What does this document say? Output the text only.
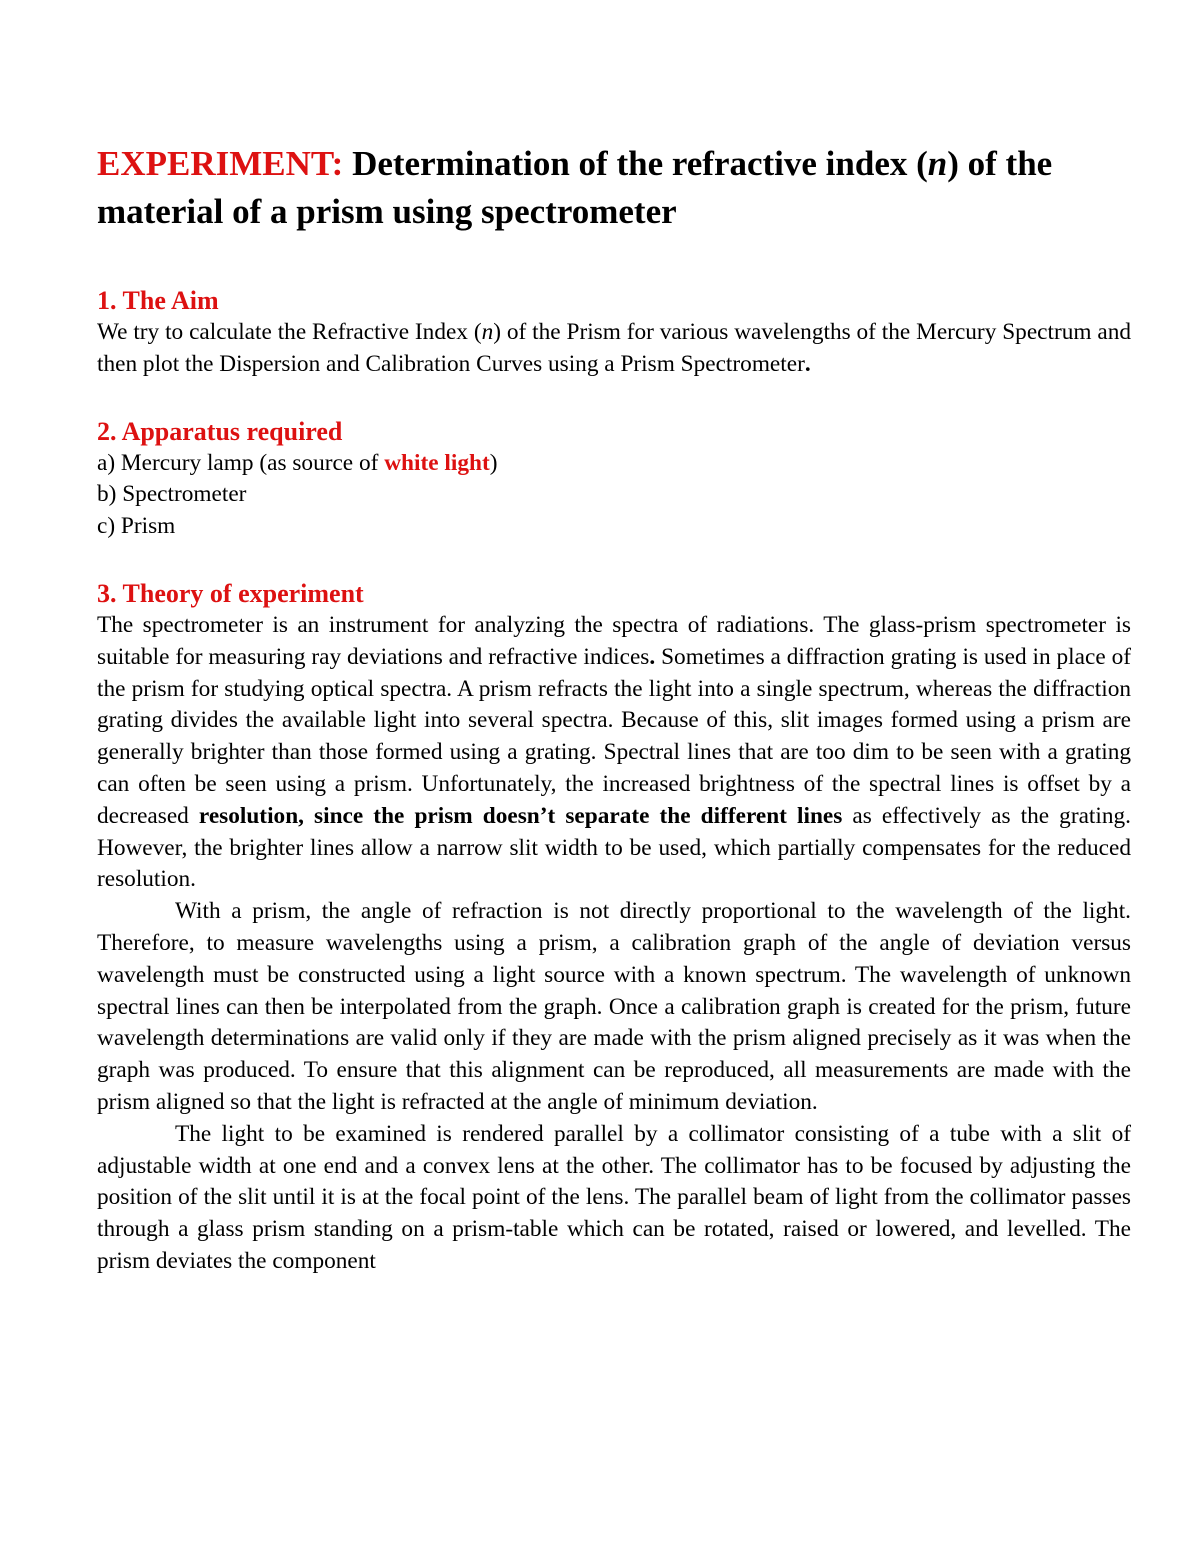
EXPERIMENT: Determination of the refractive index (n) of the material of a prism using spectrometer
1. The Aim

We try to calculate the Refractive Index (n) of the Prism for various wavelengths of the Mercury Spectrum and then plot the Dispersion and Calibration Curves using a Prism Spectrometer.

2. Apparatus required

a) Mercury lamp (as source of white light)

b) Spectrometer

c) Prism

3. Theory of experiment

The spectrometer is an instrument for analyzing the spectra of radiations. The glass-prism spectrometer is suitable for measuring ray deviations and refractive indices. Sometimes a diffraction grating is used in place of the prism for studying optical spectra. A prism refracts the light into a single spectrum, whereas the diffraction grating divides the available light into several spectra. Because of this, slit images formed using a prism are generally brighter than those formed using a grating. Spectral lines that are too dim to be seen with a grating can often be seen using a prism. Unfortunately, the increased brightness of the spectral lines is offset by a decreased resolution, since the prism doesn’t separate the different lines as effectively as the grating. However, the brighter lines allow a narrow slit width to be used, which partially compensates for the reduced resolution.

With a prism, the angle of refraction is not directly proportional to the wavelength of the light. Therefore, to measure wavelengths using a prism, a calibration graph of the angle of deviation versus wavelength must be constructed using a light source with a known spectrum. The wavelength of unknown spectral lines can then be interpolated from the graph. Once a calibration graph is created for the prism, future wavelength determinations are valid only if they are made with the prism aligned precisely as it was when the graph was produced. To ensure that this alignment can be reproduced, all measurements are made with the prism aligned so that the light is refracted at the angle of minimum deviation.

The light to be examined is rendered parallel by a collimator consisting of a tube with a slit of adjustable width at one end and a convex lens at the other. The collimator has to be focused by adjusting the position of the slit until it is at the focal point of the lens. The parallel beam of light from the collimator passes through a glass prism standing on a prism-table which can be rotated, raised or lowered, and levelled. The prism deviates the component
